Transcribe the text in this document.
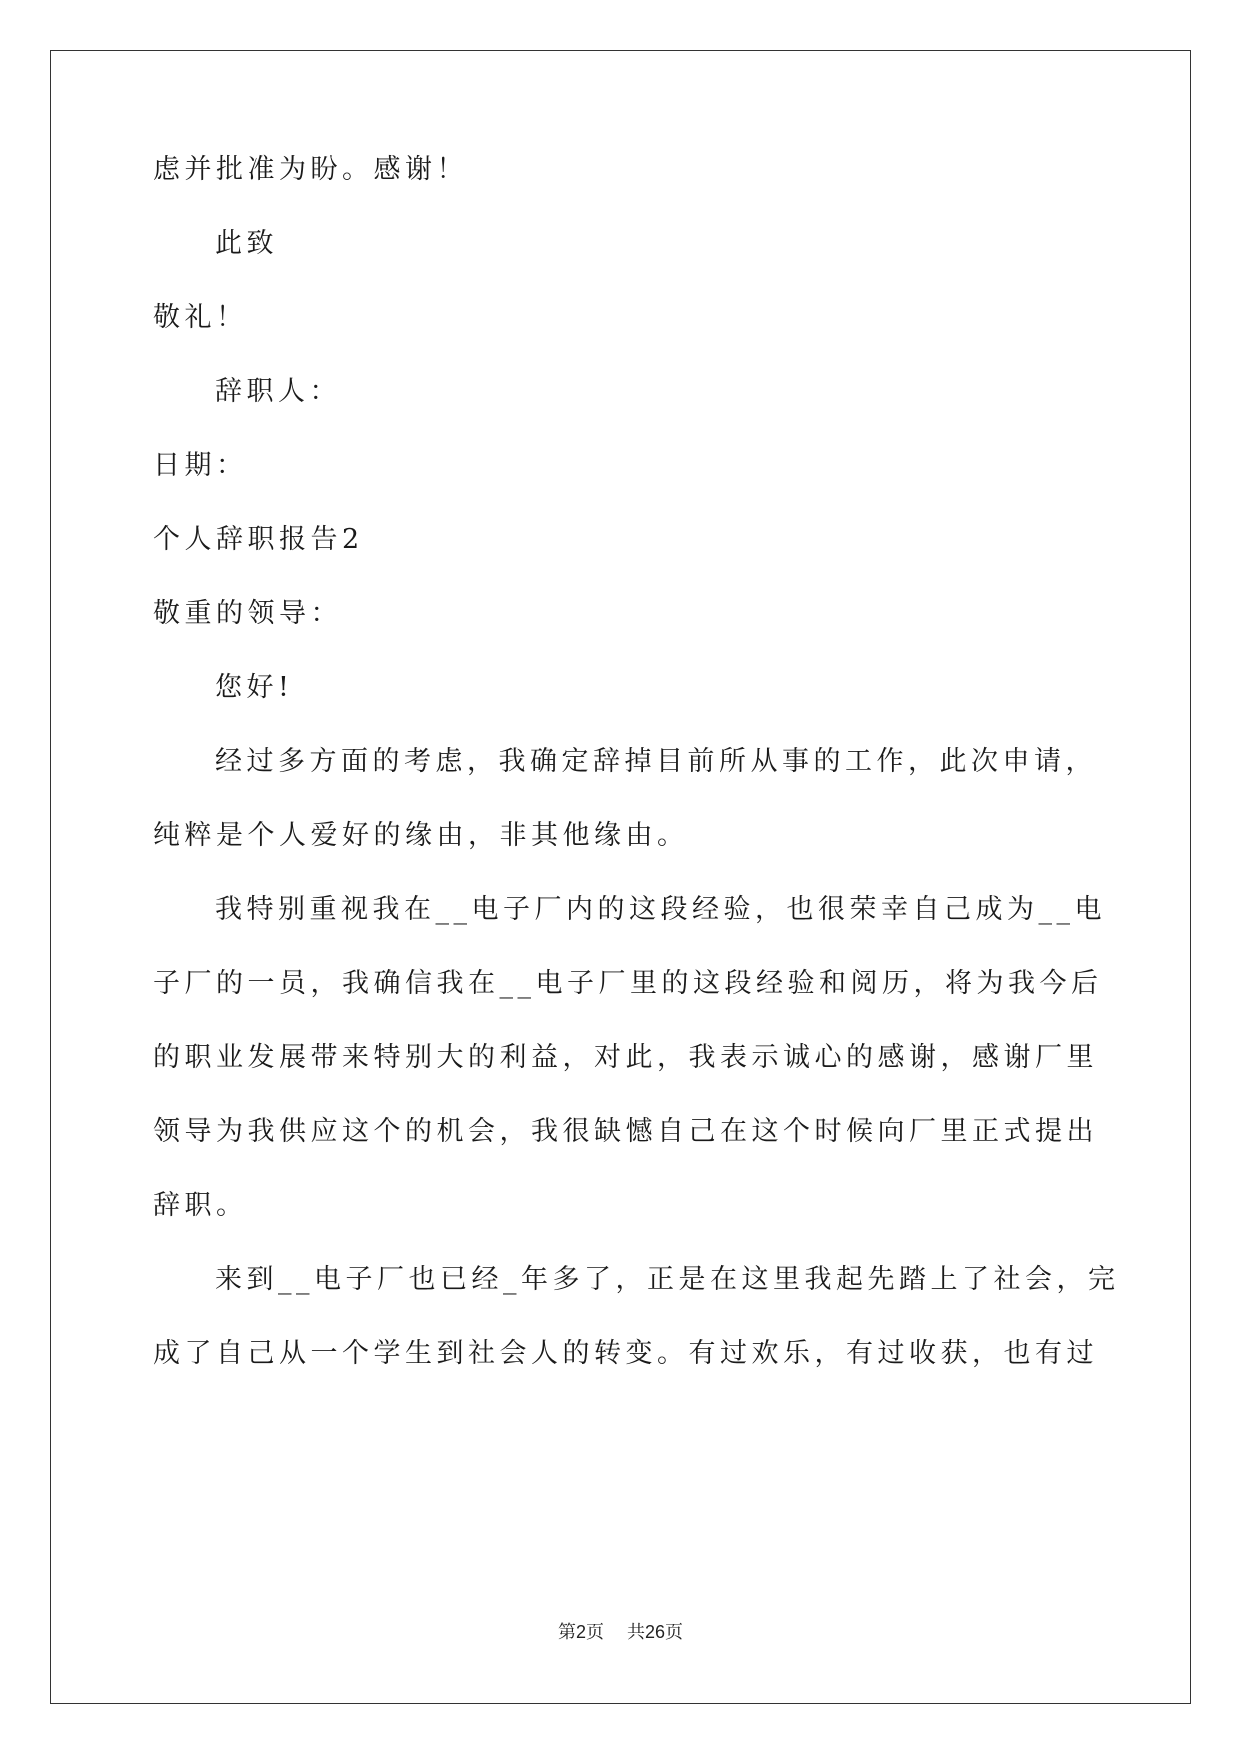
虑并批准为盼。感谢！
此致
敬礼！
辞职人：
日期：
个人辞职报告2
敬重的领导：
您好!
经过多方面的考虑，我确定辞掉目前所从事的工作，此次申请，
纯粹是个人爱好的缘由，非其他缘由。
我特别重视我在__电子厂内的这段经验，也很荣幸自己成为__电
子厂的一员，我确信我在__电子厂里的这段经验和阅历，将为我今后
的职业发展带来特别大的利益，对此，我表示诚心的感谢，感谢厂里
领导为我供应这个的机会，我很缺憾自己在这个时候向厂里正式提出
辞职。
来到__电子厂也已经_年多了，正是在这里我起先踏上了社会，完
成了自己从一个学生到社会人的转变。有过欢乐，有过收获，也有过
第2页 共26页
